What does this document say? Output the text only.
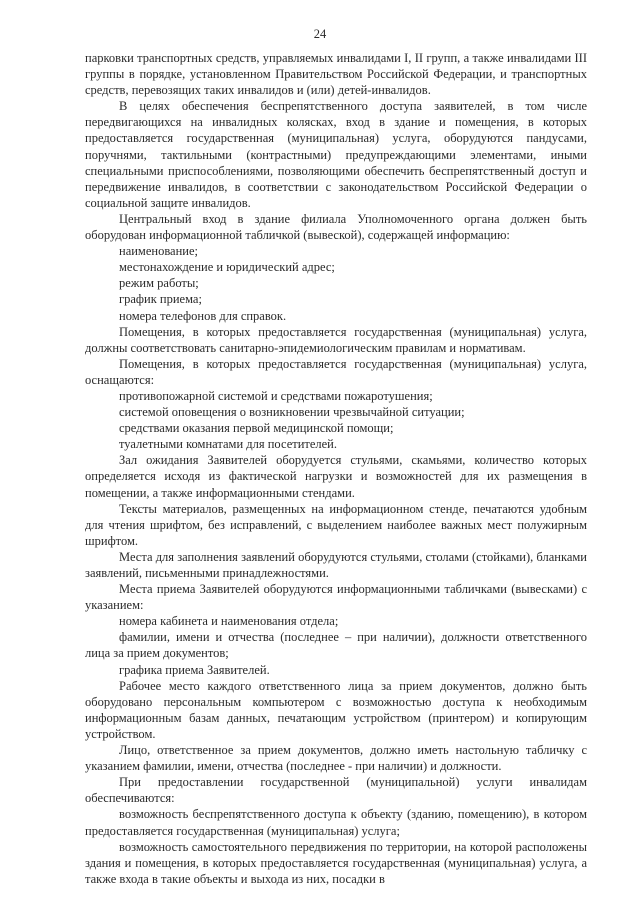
24

парковки транспортных средств, управляемых инвалидами I, II групп, а также инвалидами III группы в порядке, установленном Правительством Российской Федерации, и транспортных средств, перевозящих таких инвалидов и (или) детей-инвалидов.

В целях обеспечения беспрепятственного доступа заявителей, в том числе передвигающихся на инвалидных колясках, вход в здание и помещения, в которых предоставляется государственная (муниципальная) услуга, оборудуются пандусами, поручнями, тактильными (контрастными) предупреждающими элементами, иными специальными приспособлениями, позволяющими обеспечить беспрепятственный доступ и передвижение инвалидов, в соответствии с законодательством Российской Федерации о социальной защите инвалидов.

Центральный вход в здание филиала Уполномоченного органа должен быть оборудован информационной табличкой (вывеской), содержащей информацию:

наименование;

местонахождение и юридический адрес;

режим работы;

график приема;

номера телефонов для справок.

Помещения, в которых предоставляется государственная (муниципальная) услуга, должны соответствовать санитарно-эпидемиологическим правилам и нормативам.

Помещения, в которых предоставляется государственная (муниципальная) услуга, оснащаются:

противопожарной системой и средствами пожаротушения;

системой оповещения о возникновении чрезвычайной ситуации;

средствами оказания первой медицинской помощи;

туалетными комнатами для посетителей.

Зал ожидания Заявителей оборудуется стульями, скамьями, количество которых определяется исходя из фактической нагрузки и возможностей для их размещения в помещении, а также информационными стендами.

Тексты материалов, размещенных на информационном стенде, печатаются удобным для чтения шрифтом, без исправлений, с выделением наиболее важных мест полужирным шрифтом.

Места для заполнения заявлений оборудуются стульями, столами (стойками), бланками заявлений, письменными принадлежностями.

Места приема Заявителей оборудуются информационными табличками (вывесками) с указанием:

номера кабинета и наименования отдела;

фамилии, имени и отчества (последнее – при наличии), должности ответственного лица за прием документов;

графика приема Заявителей.

Рабочее место каждого ответственного лица за прием документов, должно быть оборудовано персональным компьютером с возможностью доступа к необходимым информационным базам данных, печатающим устройством (принтером) и копирующим устройством.

Лицо, ответственное за прием документов, должно иметь настольную табличку с указанием фамилии, имени, отчества (последнее - при наличии) и должности.

При предоставлении государственной (муниципальной) услуги инвалидам обеспечиваются:

возможность беспрепятственного доступа к объекту (зданию, помещению), в котором предоставляется государственная (муниципальная) услуга;

возможность самостоятельного передвижения по территории, на которой расположены здания и помещения, в которых предоставляется государственная (муниципальная) услуга, а также входа в такие объекты и выхода из них, посадки в
